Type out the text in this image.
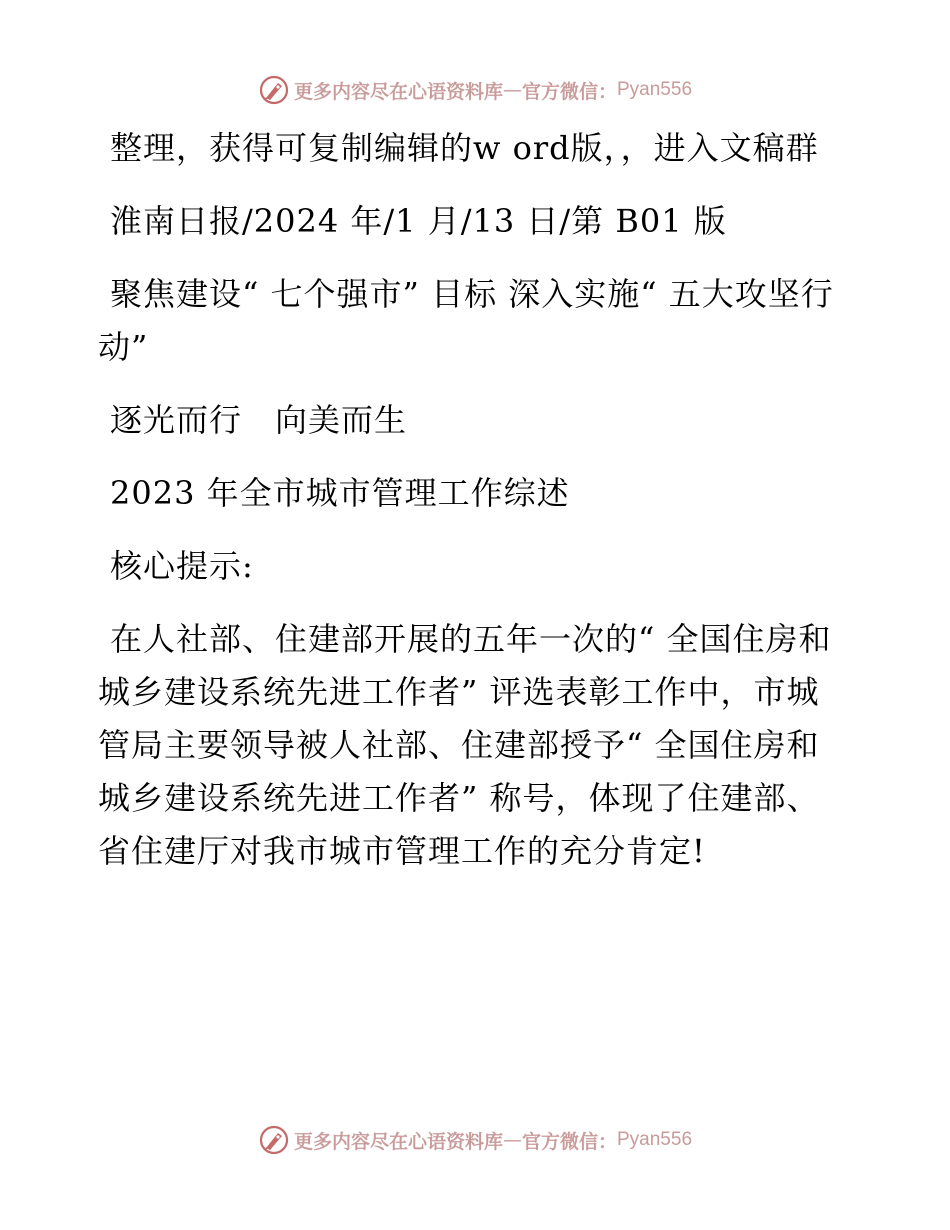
更多内容尽在心语资料库 — 官方微信： Pyan556

整理，获得可复制编辑的w ord版，，进入文稿群

淮南日报/2024 年/1 月/13 日/第 B01 版

聚焦建设“ 七个强市” 目标 深入实施“ 五大攻坚行动”

逐光而行　向美而生

2023 年全市城市管理工作综述

核心提示:

在人社部、住建部开展的五年一次的“ 全国住房和城乡建设系统先进工作者” 评选表彰工作中，市城管局主要领导被人社部、住建部授予“ 全国住房和城乡建设系统先进工作者” 称号，体现了住建部、省住建厅对我市城市管理工作的充分肯定!

更多内容尽在心语资料库 — 官方微信： Pyan556
